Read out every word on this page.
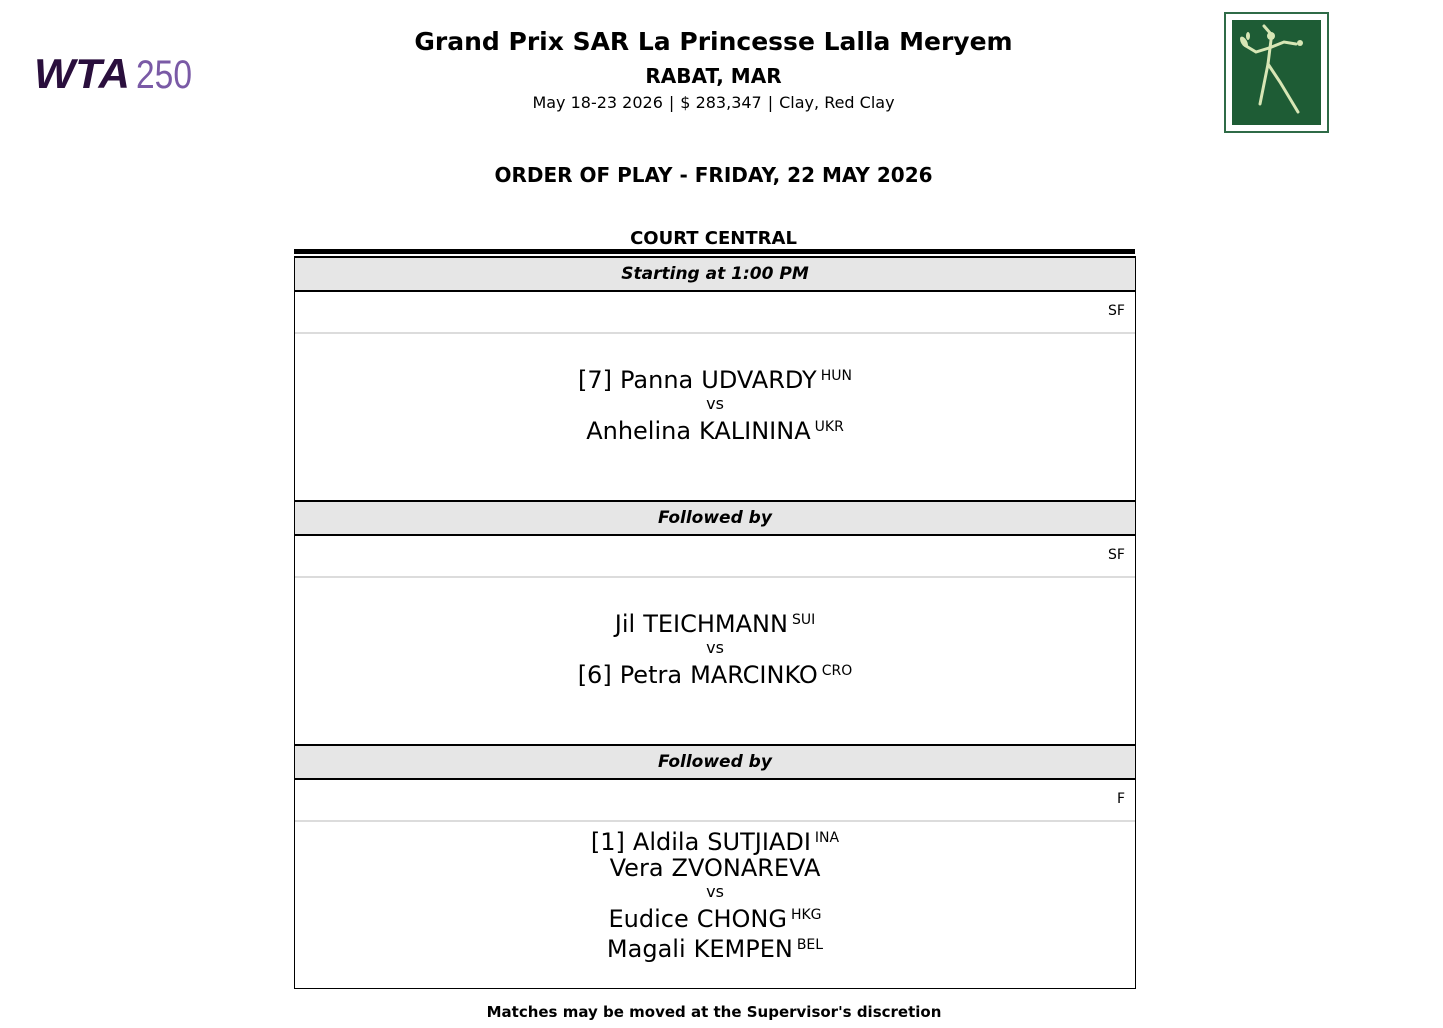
WTA 250
Grand Prix SAR La Princesse Lalla Meryem
RABAT, MAR
May 18-23 2026 | $ 283,347 | Clay, Red Clay
ORDER OF PLAY - FRIDAY, 22 MAY 2026
COURT CENTRAL
Starting at 1:00 PM
SF
[7] Panna UDVARDY $^{HUN}$
vs
Anhelina KALININA $^{UKR}$
Followed by
SF
Jil TEICHMANN $^{SUI}$
vs
[6] Petra MARCINKO $^{CRO}$
Followed by
F
[1] Aldila SUTJIADI $^{INA}$
Vera ZVONAREVA
vs
Eudice CHONG $^{HKG}$
Magali KEMPEN $^{BEL}$
Matches may be moved at the Supervisor's discretion
